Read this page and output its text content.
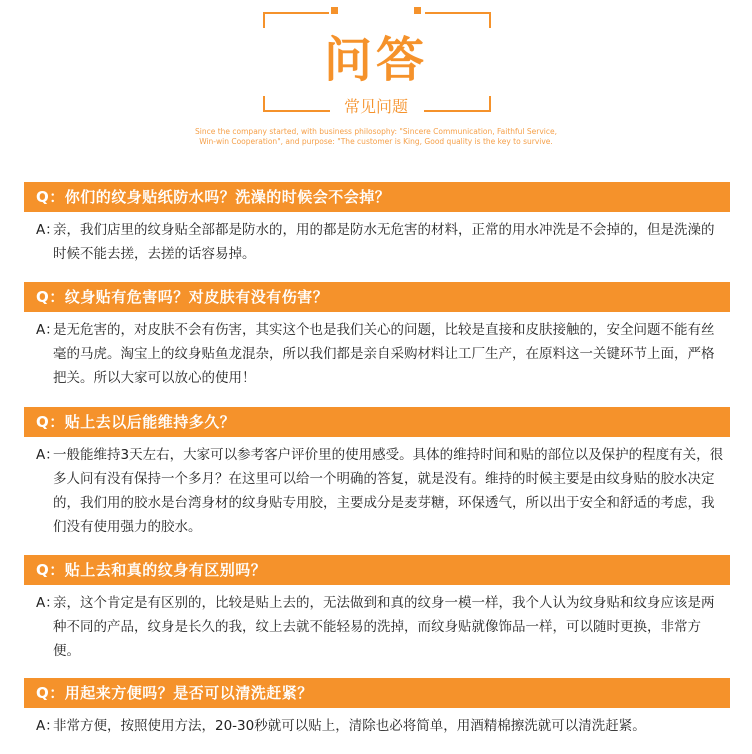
问答
常见问题
Since the company started, with business philosophy: "Sincere Communication, Faithful Service, Win-win Cooperation", and purpose: "The customer is King, Good quality is the key to survive.
Q：你们的纹身贴纸防水吗？洗澡的时候会不会掉？
A：
亲，我们店里的纹身贴全部都是防水的，用的都是防水无危害的材料，正常的用水冲洗是不会掉的，但是洗澡的时候不能去搓，去搓的话容易掉。
Q：纹身贴有危害吗？对皮肤有没有伤害？
A：
是无危害的，对皮肤不会有伤害，其实这个也是我们关心的问题，比较是直接和皮肤接触的，安全问题不能有丝毫的马虎。淘宝上的纹身贴鱼龙混杂，所以我们都是亲自采购材料让工厂生产，在原料这一关键环节上面，严格把关。所以大家可以放心的使用！
Q：贴上去以后能维持多久？
A：
一般能维持3天左右，大家可以参考客户评价里的使用感受。具体的维持时间和贴的部位以及保护的程度有关，很多人问有没有保持一个多月？在这里可以给一个明确的答复，就是没有。维持的时候主要是由纹身贴的胶水决定的，我们用的胶水是台湾身材的纹身贴专用胶，主要成分是麦芽糖，环保透气，所以出于安全和舒适的考虑，我们没有使用强力的胶水。
Q：贴上去和真的纹身有区别吗？
A：
亲，这个肯定是有区别的，比较是贴上去的，无法做到和真的纹身一模一样，我个人认为纹身贴和纹身应该是两种不同的产品，纹身是长久的我，纹上去就不能轻易的洗掉，而纹身贴就像饰品一样，可以随时更换，非常方便。
Q：用起来方便吗？是否可以清洗赶紧？
A：
非常方便，按照使用方法，20-30秒就可以贴上，清除也必将简单，用酒精棉擦洗就可以清洗赶紧。
